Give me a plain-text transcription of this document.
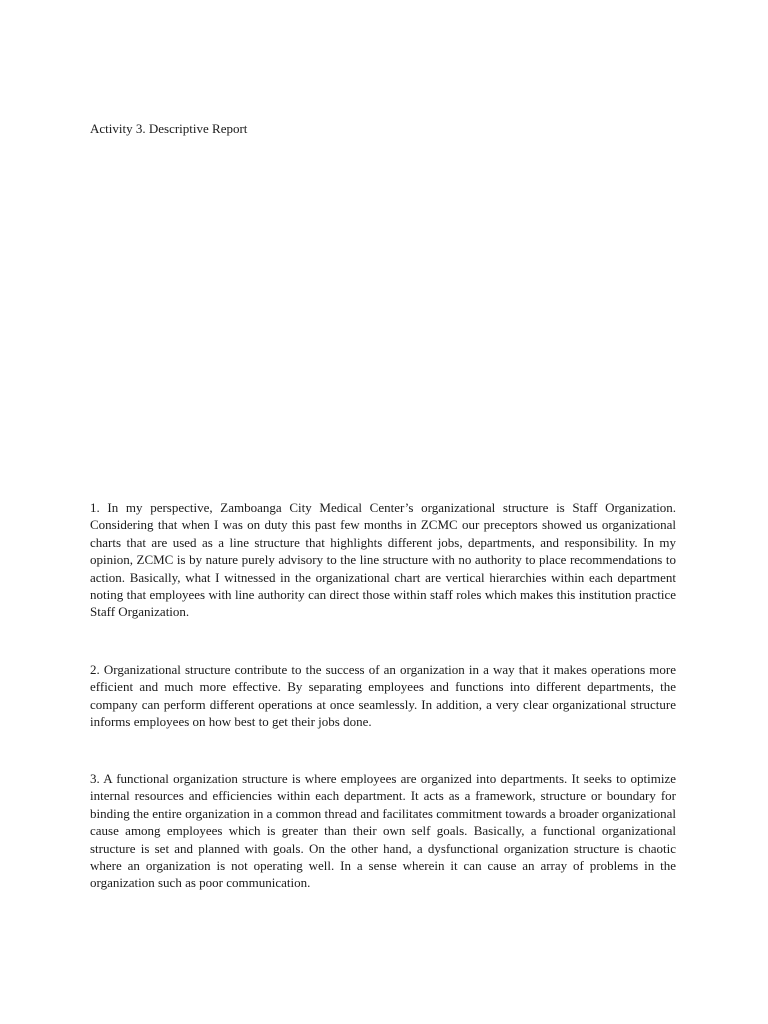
Activity 3. Descriptive Report

1. In my perspective, Zamboanga City Medical Center’s organizational structure is Staff Organization. Considering that when I was on duty this past few months in ZCMC our preceptors showed us organizational charts that are used as a line structure that highlights different jobs, departments, and responsibility. In my opinion, ZCMC is by nature purely advisory to the line structure with no authority to place recommendations to action. Basically, what I witnessed in the organizational chart are vertical hierarchies within each department noting that employees with line authority can direct those within staff roles which makes this institution practice Staff Organization.

2. Organizational structure contribute to the success of an organization in a way that it makes operations more efficient and much more effective. By separating employees and functions into different departments, the company can perform different operations at once seamlessly. In addition, a very clear organizational structure informs employees on how best to get their jobs done.

3. A functional organization structure is where employees are organized into departments. It seeks to optimize internal resources and efficiencies within each department. It acts as a framework, structure or boundary for binding the entire organization in a common thread and facilitates commitment towards a broader organizational cause among employees which is greater than their own self goals. Basically, a functional organizational structure is set and planned with goals. On the other hand, a dysfunctional organization structure is chaotic where an organization is not operating well. In a sense wherein it can cause an array of problems in the organization such as poor communication.
